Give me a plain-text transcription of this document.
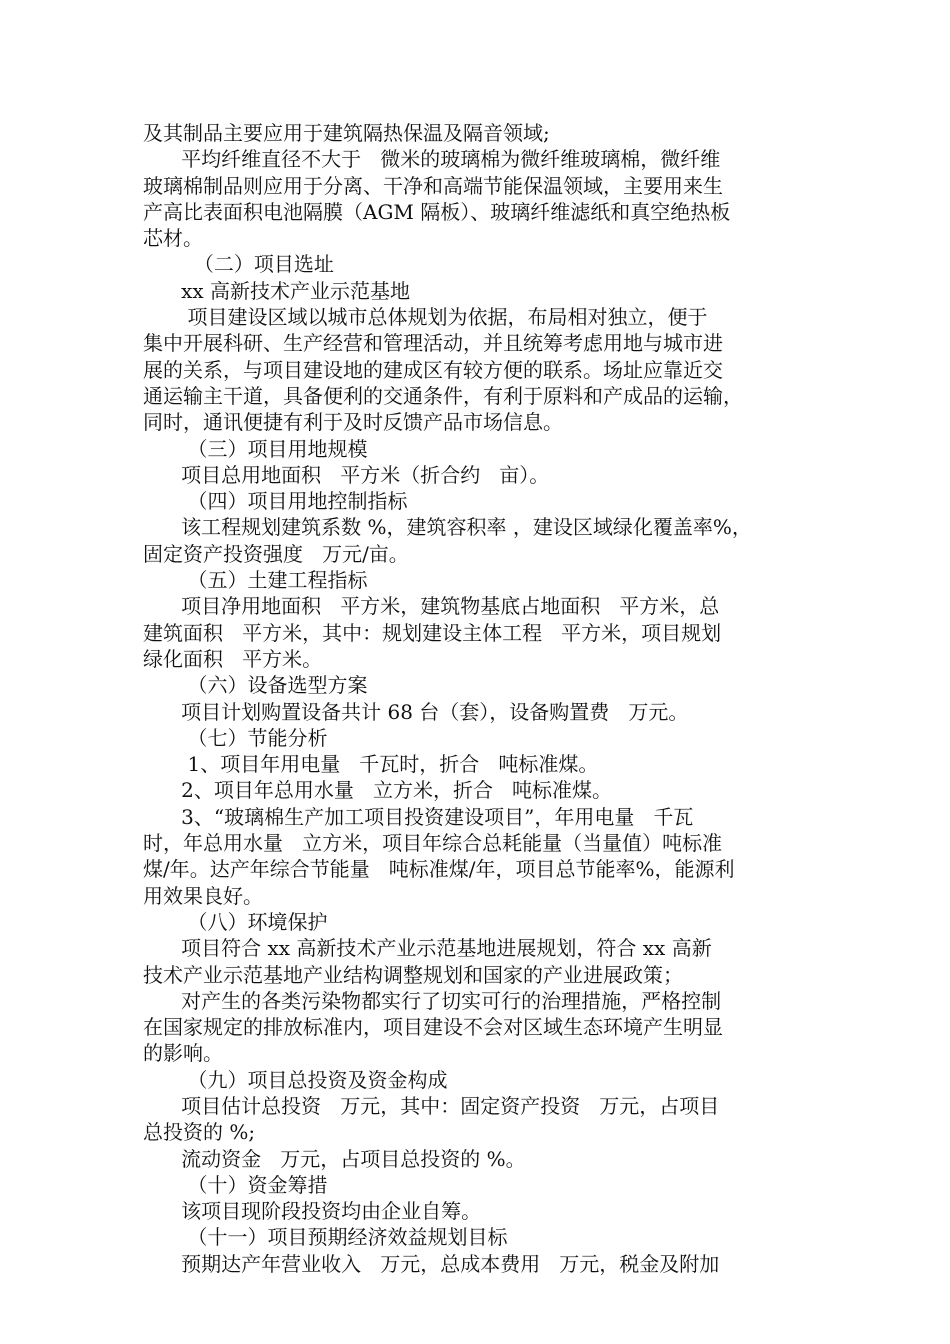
及其制品主要应用于建筑隔热保温及隔音领域;
平均纤维直径不大于   微米的玻璃棉为微纤维玻璃棉，微纤维
玻璃棉制品则应用于分离、干净和高端节能保温领域，主要用来生
产高比表面积电池隔膜（AGM 隔板）、玻璃纤维滤纸和真空绝热板
芯材。
（二）项目选址
xx 高新技术产业示范基地
项目建设区域以城市总体规划为依据，布局相对独立，便于
集中开展科研、生产经营和管理活动，并且统筹考虑用地与城市进
展的关系，与项目建设地的建成区有较方便的联系。场址应靠近交
通运输主干道，具备便利的交通条件，有利于原料和产成品的运输，
同时，通讯便捷有利于及时反馈产品市场信息。
（三）项目用地规模
项目总用地面积   平方米（折合约   亩）。
（四）项目用地控制指标
该工程规划建筑系数 %，建筑容积率 ，建设区域绿化覆盖率%，
固定资产投资强度   万元/亩。
（五）土建工程指标
项目净用地面积   平方米，建筑物基底占地面积   平方米，总
建筑面积   平方米，其中：规划建设主体工程   平方米，项目规划
绿化面积   平方米。
（六）设备选型方案
项目计划购置设备共计 68 台（套），设备购置费   万元。
（七）节能分析
1、项目年用电量   千瓦时，折合   吨标准煤。
2、项目年总用水量   立方米，折合   吨标准煤。
3、“玻璃棉生产加工项目投资建设项目”，年用电量   千瓦
时，年总用水量   立方米，项目年综合总耗能量（当量值）吨标准
煤/年。达产年综合节能量   吨标准煤/年，项目总节能率%，能源利
用效果良好。
（八）环境保护
项目符合 xx 高新技术产业示范基地进展规划，符合 xx 高新
技术产业示范基地产业结构调整规划和国家的产业进展政策；
对产生的各类污染物都实行了切实可行的治理措施，严格控制
在国家规定的排放标准内，项目建设不会对区域生态环境产生明显
的影响。
（九）项目总投资及资金构成
项目估计总投资   万元，其中：固定资产投资   万元，占项目
总投资的 %;
流动资金   万元，占项目总投资的 %。
（十）资金筹措
该项目现阶段投资均由企业自筹。
（十一）项目预期经济效益规划目标
预期达产年营业收入   万元，总成本费用   万元，税金及附加
